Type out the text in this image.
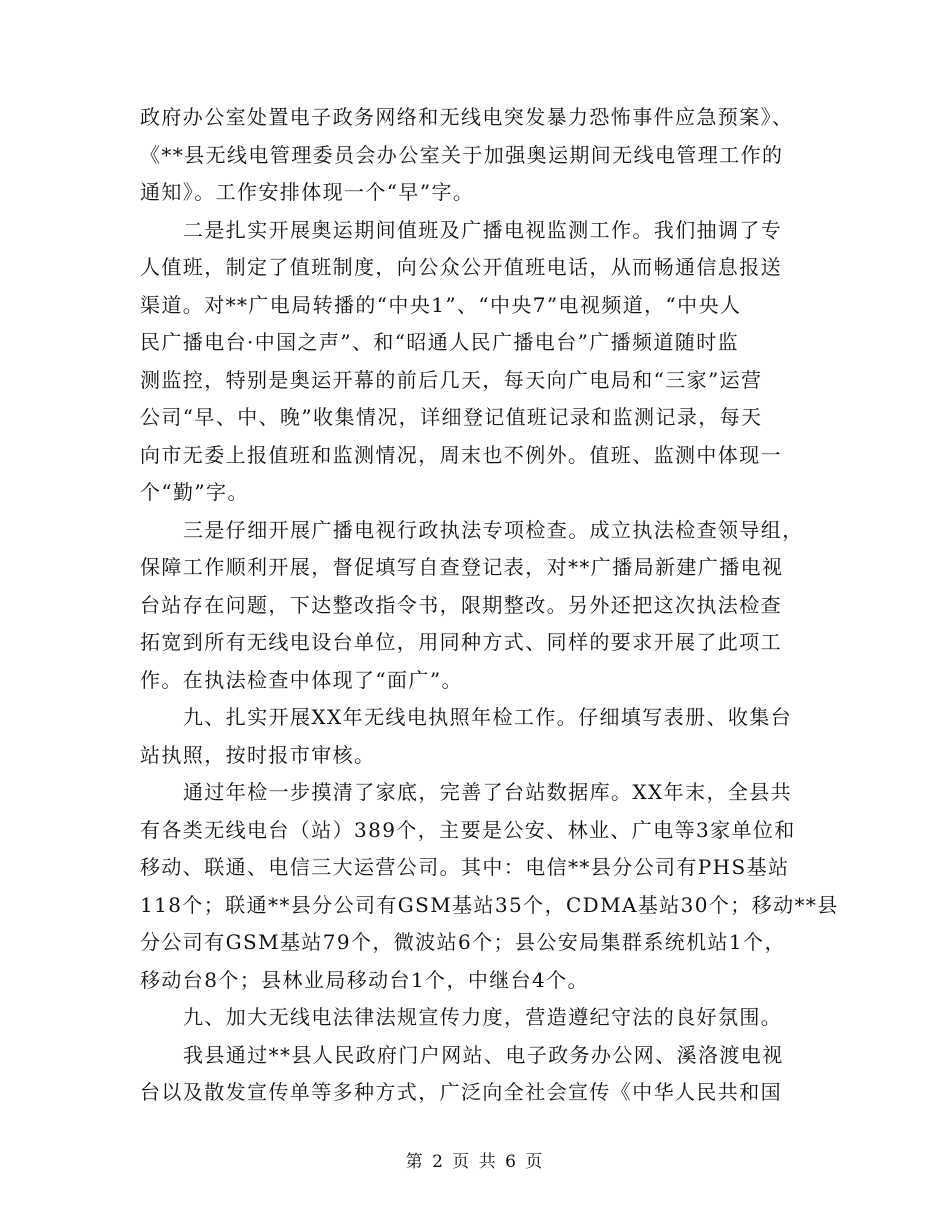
政府办公室处置电子政务网络和无线电突发暴力恐怖事件应急预案》、
《**县无线电管理委员会办公室关于加强奥运期间无线电管理工作的
通知》。工作安排体现一个“早”字。
二是扎实开展奥运期间值班及广播电视监测工作。我们抽调了专
人值班，制定了值班制度，向公众公开值班电话，从而畅通信息报送
渠道。对**广电局转播的“中央1”、“中央7”电视频道，“中央人
民广播电台·中国之声”、和“昭通人民广播电台”广播频道随时监
测监控，特别是奥运开幕的前后几天，每天向广电局和“三家”运营
公司“早、中、晚”收集情况，详细登记值班记录和监测记录，每天
向市无委上报值班和监测情况，周末也不例外。值班、监测中体现一
个“勤”字。
三是仔细开展广播电视行政执法专项检查。成立执法检查领导组，
保障工作顺利开展，督促填写自查登记表，对**广播局新建广播电视
台站存在问题，下达整改指令书，限期整改。另外还把这次执法检查
拓宽到所有无线电设台单位，用同种方式、同样的要求开展了此项工
作。在执法检查中体现了“面广”。
九、扎实开展XX年无线电执照年检工作。仔细填写表册、收集台
站执照，按时报市审核。
通过年检一步摸清了家底，完善了台站数据库。XX年末，全县共
有各类无线电台（站）389个，主要是公安、林业、广电等3家单位和
移动、联通、电信三大运营公司。其中：电信**县分公司有PHS基站
118个；联通**县分公司有GSM基站35个，CDMA基站30个；移动**县
分公司有GSM基站79个，微波站6个；县公安局集群系统机站1个，
移动台8个；县林业局移动台1个，中继台4个。
九、加大无线电法律法规宣传力度，营造遵纪守法的良好氛围。
我县通过**县人民政府门户网站、电子政务办公网、溪洛渡电视
台以及散发宣传单等多种方式，广泛向全社会宣传《中华人民共和国
第 2 页 共 6 页
